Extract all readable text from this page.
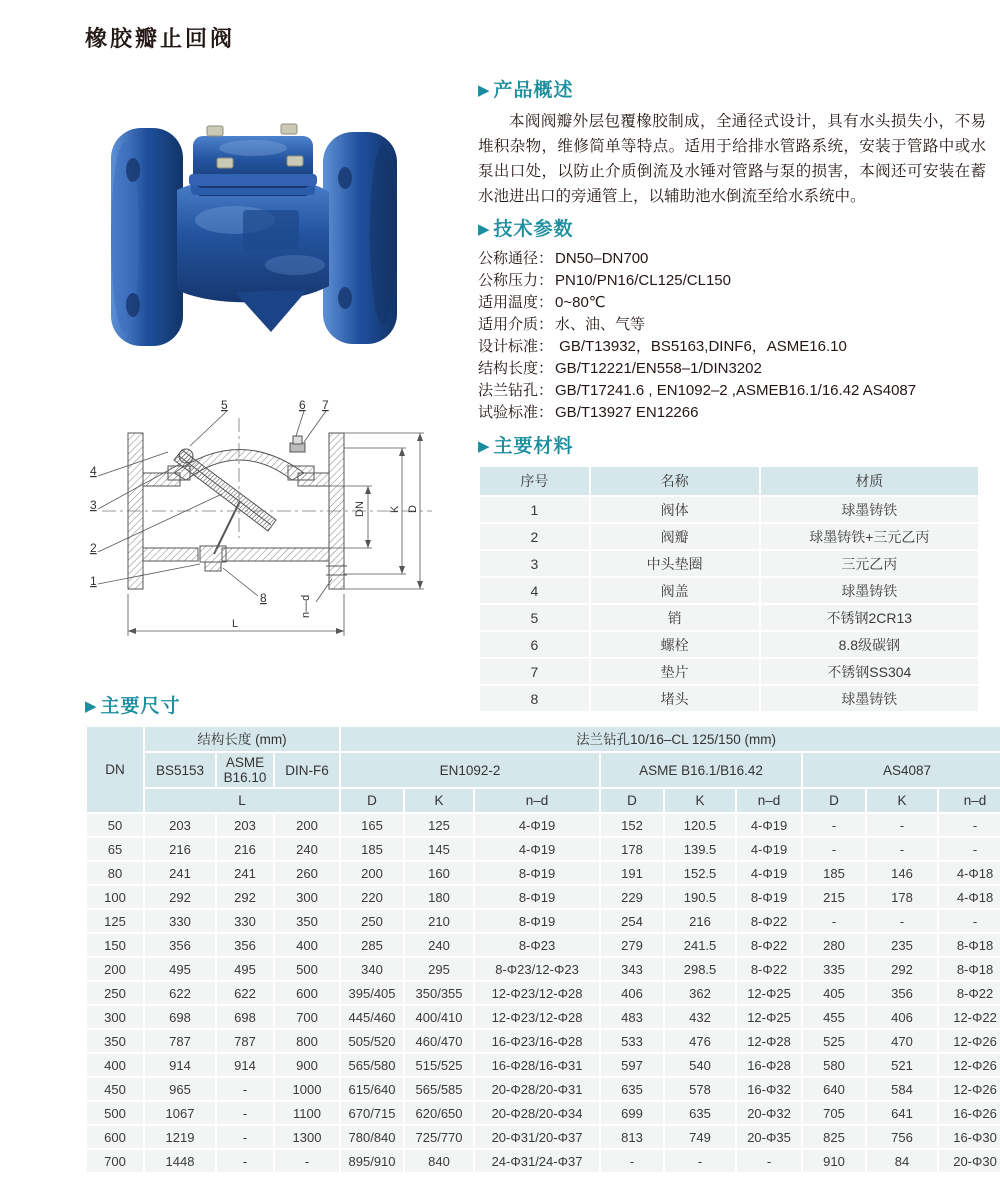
橡胶瓣止回阀
▶ 产品概述

本阀阀瓣外层包覆橡胶制成，全通径式设计，具有水头损失小，不易堆积杂物，维修简单等特点。适用于给排水管路系统，安装于管路中或水泵出口处，以防止介质倒流及水锤对管路与泵的损害，本阀还可安装在蓄水池进出口的旁通管上，以辅助池水倒流至给水系统中。

▶ 技术参数
公称通径： DN50–DN700
公称压力： PN10/PN16/CL125/CL150
适用温度： 0~80℃
适用介质： 水、油、气等
设计标准： GB/T13932，BS5163,DINF6，ASME16.10
结构长度： GB/T12221/EN558–1/DIN3202
法兰钻孔： GB/T17241.6 , EN1092–2 ,ASMEB16.1/16.42 AS4087
试验标准： GB/T13927 EN12266
▶ 主要材料
序号	名称	材质
1	阀体	球墨铸铁
2	阀瓣	球墨铸铁+三元乙丙
3	中头垫圈	三元乙丙
4	阀盖	球墨铸铁
5	销	不锈钢2CR13
6	螺栓	8.8级碳钢
7	垫片	不锈钢SS304
8	堵头	球墨铸铁
5	6 7
4
3
2
1
8
L
DN K D
n—d
▶ 主要尺寸
DN	结构长度 (mm)			法兰钻孔10/16–CL 125/150 (mm)								
	BS5153	ASME B16.10	DIN-F6	EN1092-2			ASME B16.1/B16.42			AS4087		
	L			D	K	n–d	D	K	n–d	D	K	n–d
50	203	203	200	165	125	4-Φ19	152	120.5	4-Φ19	-	-	-
65	216	216	240	185	145	4-Φ19	178	139.5	4-Φ19	-	-	-
80	241	241	260	200	160	8-Φ19	191	152.5	4-Φ19	185	146	4-Φ18
100	292	292	300	220	180	8-Φ19	229	190.5	8-Φ19	215	178	4-Φ18
125	330	330	350	250	210	8-Φ19	254	216	8-Φ22	-	-	-
150	356	356	400	285	240	8-Φ23	279	241.5	8-Φ22	280	235	8-Φ18
200	495	495	500	340	295	8-Φ23/12-Φ23	343	298.5	8-Φ22	335	292	8-Φ18
250	622	622	600	395/405	350/355	12-Φ23/12-Φ28	406	362	12-Φ25	405	356	8-Φ22
300	698	698	700	445/460	400/410	12-Φ23/12-Φ28	483	432	12-Φ25	455	406	12-Φ22
350	787	787	800	505/520	460/470	16-Φ23/16-Φ28	533	476	12-Φ28	525	470	12-Φ26
400	914	914	900	565/580	515/525	16-Φ28/16-Φ31	597	540	16-Φ28	580	521	12-Φ26
450	965	-	1000	615/640	565/585	20-Φ28/20-Φ31	635	578	16-Φ32	640	584	12-Φ26
500	1067	-	1100	670/715	620/650	20-Φ28/20-Φ34	699	635	20-Φ32	705	641	16-Φ26
600	1219	-	1300	780/840	725/770	20-Φ31/20-Φ37	813	749	20-Φ35	825	756	16-Φ30
700	1448	-	-	895/910	840	24-Φ31/24-Φ37	-	-	-	910	84	20-Φ30
